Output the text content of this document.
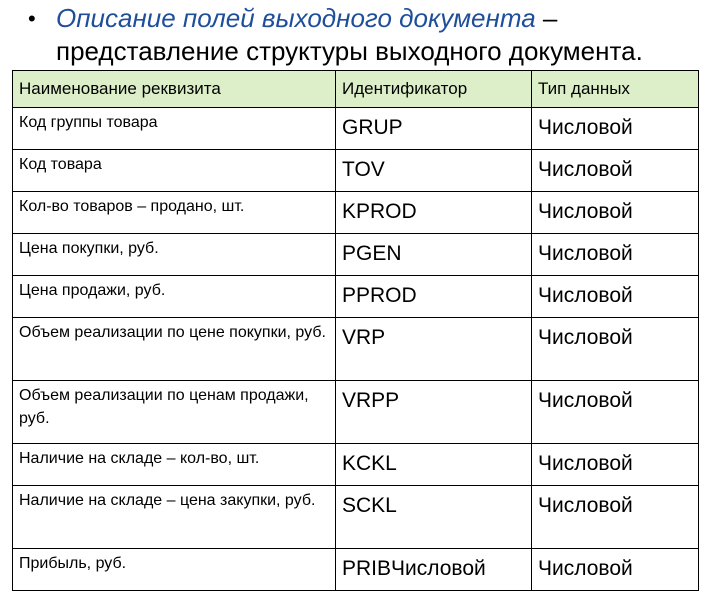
• Описание полей выходного документа –
представление структуры выходного документа.
Наименование реквизита	Идентификатор	Тип данных
Код группы товара	GRUP	Числовой
Код товара	TOV	Числовой
Кол-во товаров – продано, шт.	KPROD	Числовой
Цена покупки, руб.	PGEN	Числовой
Цена продажи, руб.	PPROD	Числовой
Объем реализации по цене покупки, руб.	VRP	Числовой
Объем реализации по ценам продажи, руб.	VRPP	Числовой
Наличие на складе – кол-во, шт.	KCKL	Числовой
Наличие на складе – цена закупки, руб.	SCKL	Числовой
Прибыль, руб.	PRIBЧисловой	Числовой
